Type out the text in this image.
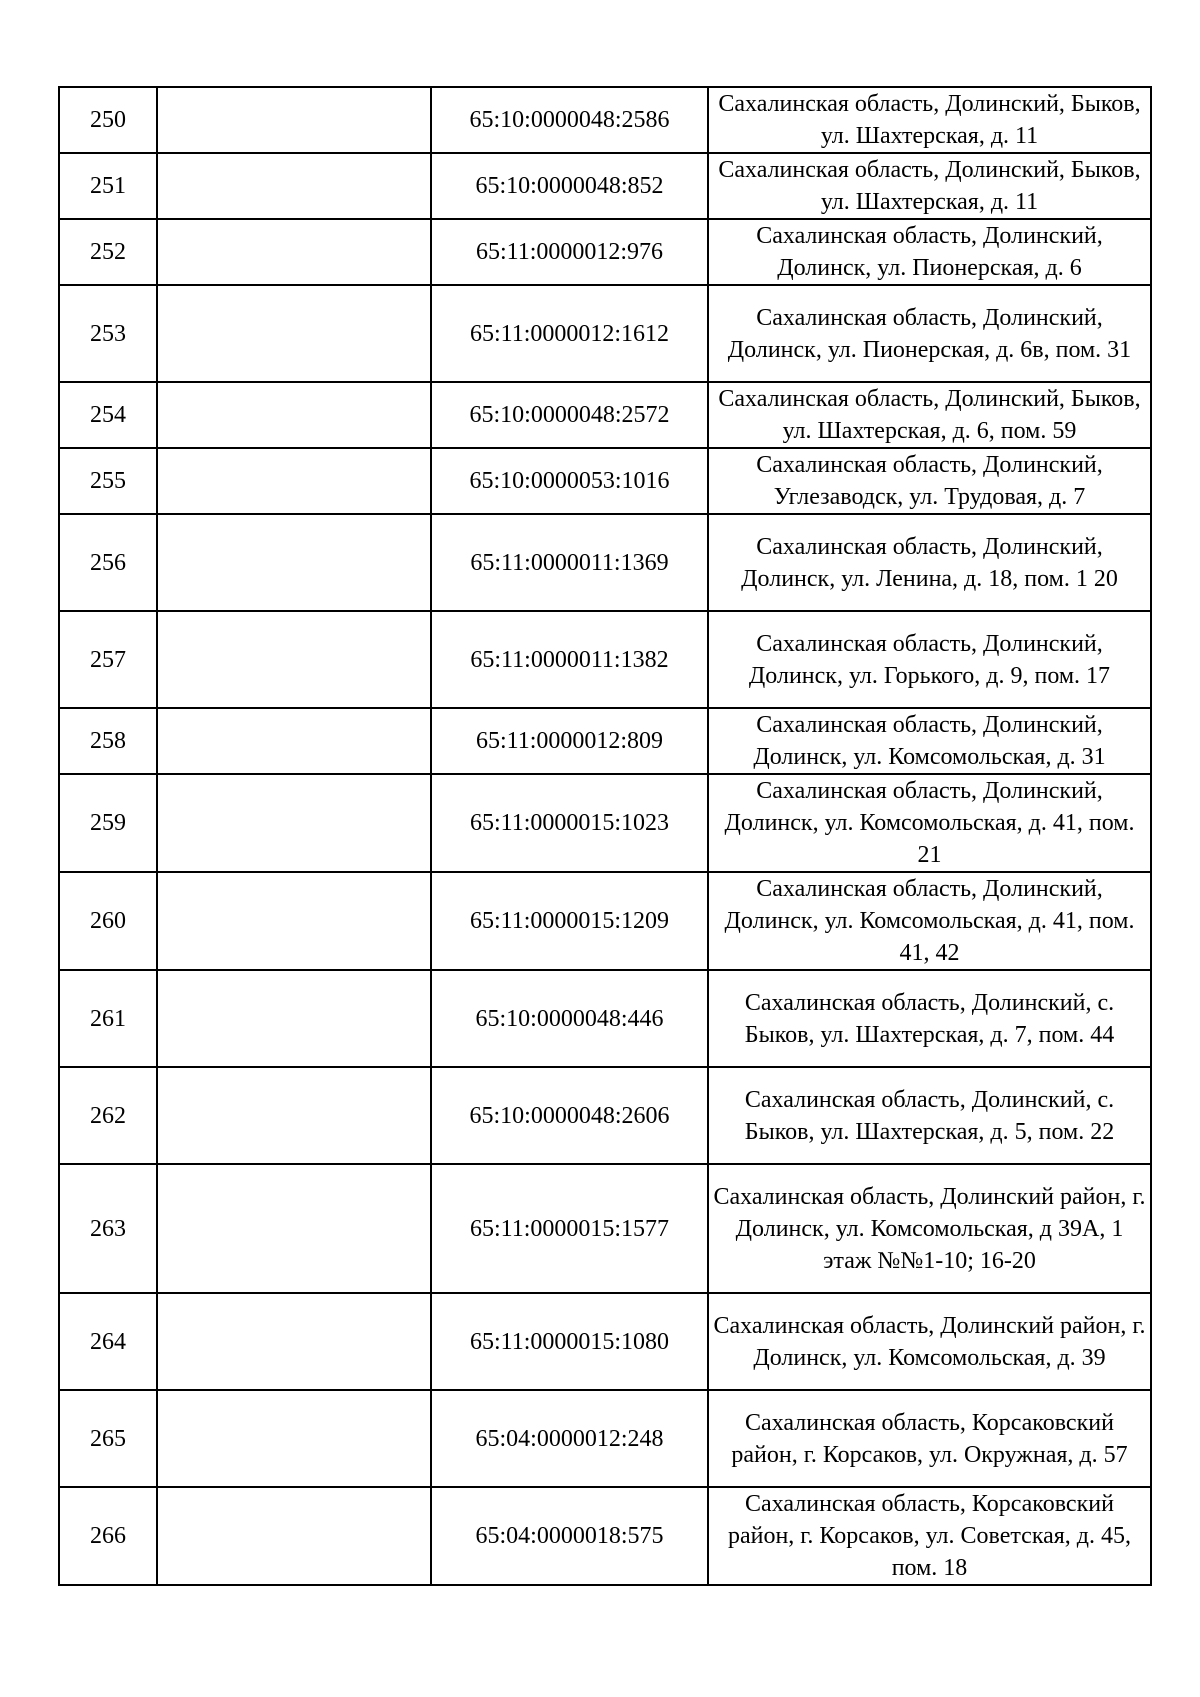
250		65:10:0000048:2586	Сахалинская область, Долинский, Быков, ул. Шахтерская, д. 11
251		65:10:0000048:852	Сахалинская область, Долинский, Быков, ул. Шахтерская, д. 11
252		65:11:0000012:976	Сахалинская область, Долинский, Долинск, ул. Пионерская, д. 6
253		65:11:0000012:1612	Сахалинская область, Долинский, Долинск, ул. Пионерская, д. 6в, пом. 31
254		65:10:0000048:2572	Сахалинская область, Долинский, Быков, ул. Шахтерская, д. 6, пом. 59
255		65:10:0000053:1016	Сахалинская область, Долинский, Углезаводск, ул. Трудовая, д. 7
256		65:11:0000011:1369	Сахалинская область, Долинский, Долинск, ул. Ленина, д. 18, пом. 1 20
257		65:11:0000011:1382	Сахалинская область, Долинский, Долинск, ул. Горького, д. 9, пом. 17
258		65:11:0000012:809	Сахалинская область, Долинский, Долинск, ул. Комсомольская, д. 31
259		65:11:0000015:1023	Сахалинская область, Долинский, Долинск, ул. Комсомольская, д. 41, пом. 21
260		65:11:0000015:1209	Сахалинская область, Долинский, Долинск, ул. Комсомольская, д. 41, пом. 41, 42
261		65:10:0000048:446	Сахалинская область, Долинский, с. Быков, ул. Шахтерская, д. 7, пом. 44
262		65:10:0000048:2606	Сахалинская область, Долинский, с. Быков, ул. Шахтерская, д. 5, пом. 22
263		65:11:0000015:1577	Сахалинская область, Долинский район, г. Долинск, ул. Комсомольская, д 39А, 1 этаж №№1-10; 16-20
264		65:11:0000015:1080	Сахалинская область, Долинский район, г. Долинск, ул. Комсомольская, д. 39
265		65:04:0000012:248	Сахалинская область, Корсаковский район, г. Корсаков, ул. Окружная, д. 57
266		65:04:0000018:575	Сахалинская область, Корсаковский район, г. Корсаков, ул. Советская, д. 45, пом. 18
